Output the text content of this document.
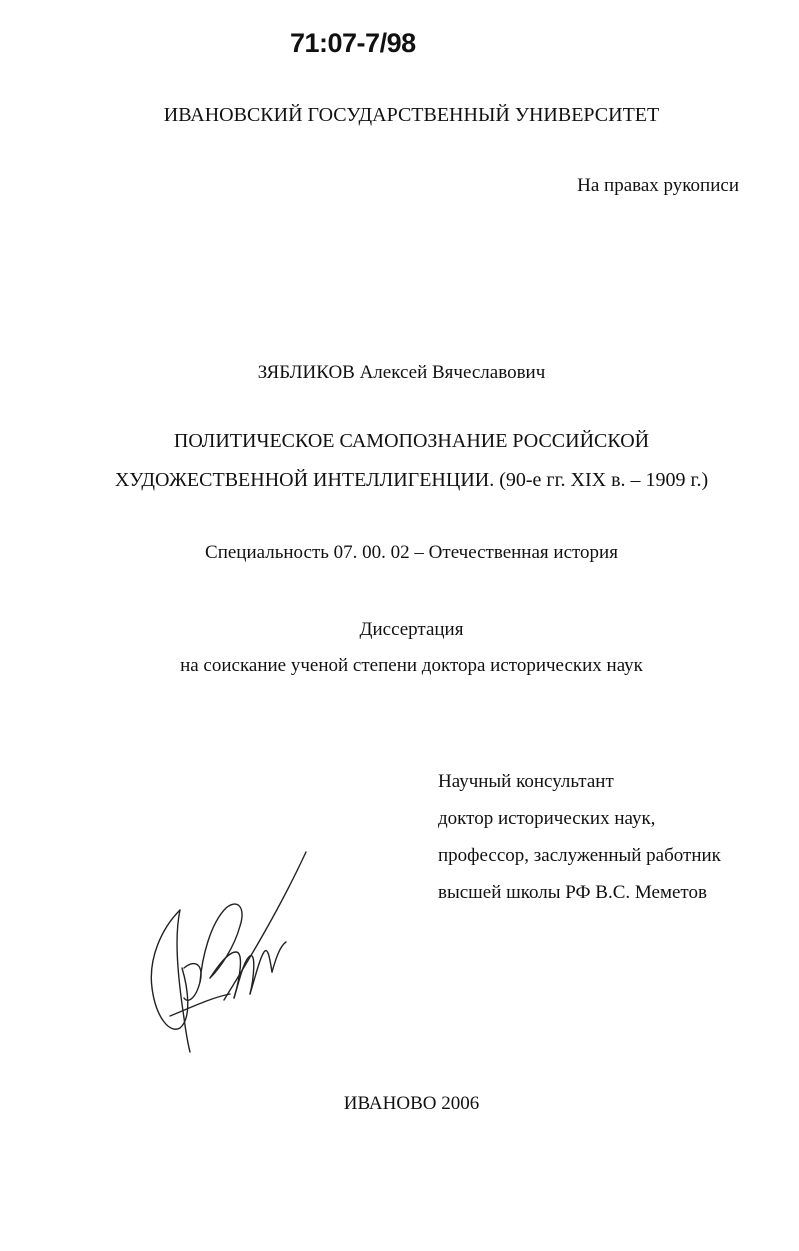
71:07-7/98
ИВАНОВСКИЙ ГОСУДАРСТВЕННЫЙ УНИВЕРСИТЕТ
На правах рукописи
ЗЯБЛИКОВ Алексей Вячеславович
ПОЛИТИЧЕСКОЕ САМОПОЗНАНИЕ РОССИЙСКОЙ
ХУДОЖЕСТВЕННОЙ ИНТЕЛЛИГЕНЦИИ. (90-е гг. XIX в. – 1909 г.)
Специальность 07. 00. 02 – Отечественная история
Диссертация
на соискание ученой степени доктора исторических наук
Научный консультант
доктор исторических наук,
профессор, заслуженный работник
высшей школы РФ В.С. Меметов
ИВАНОВО 2006
